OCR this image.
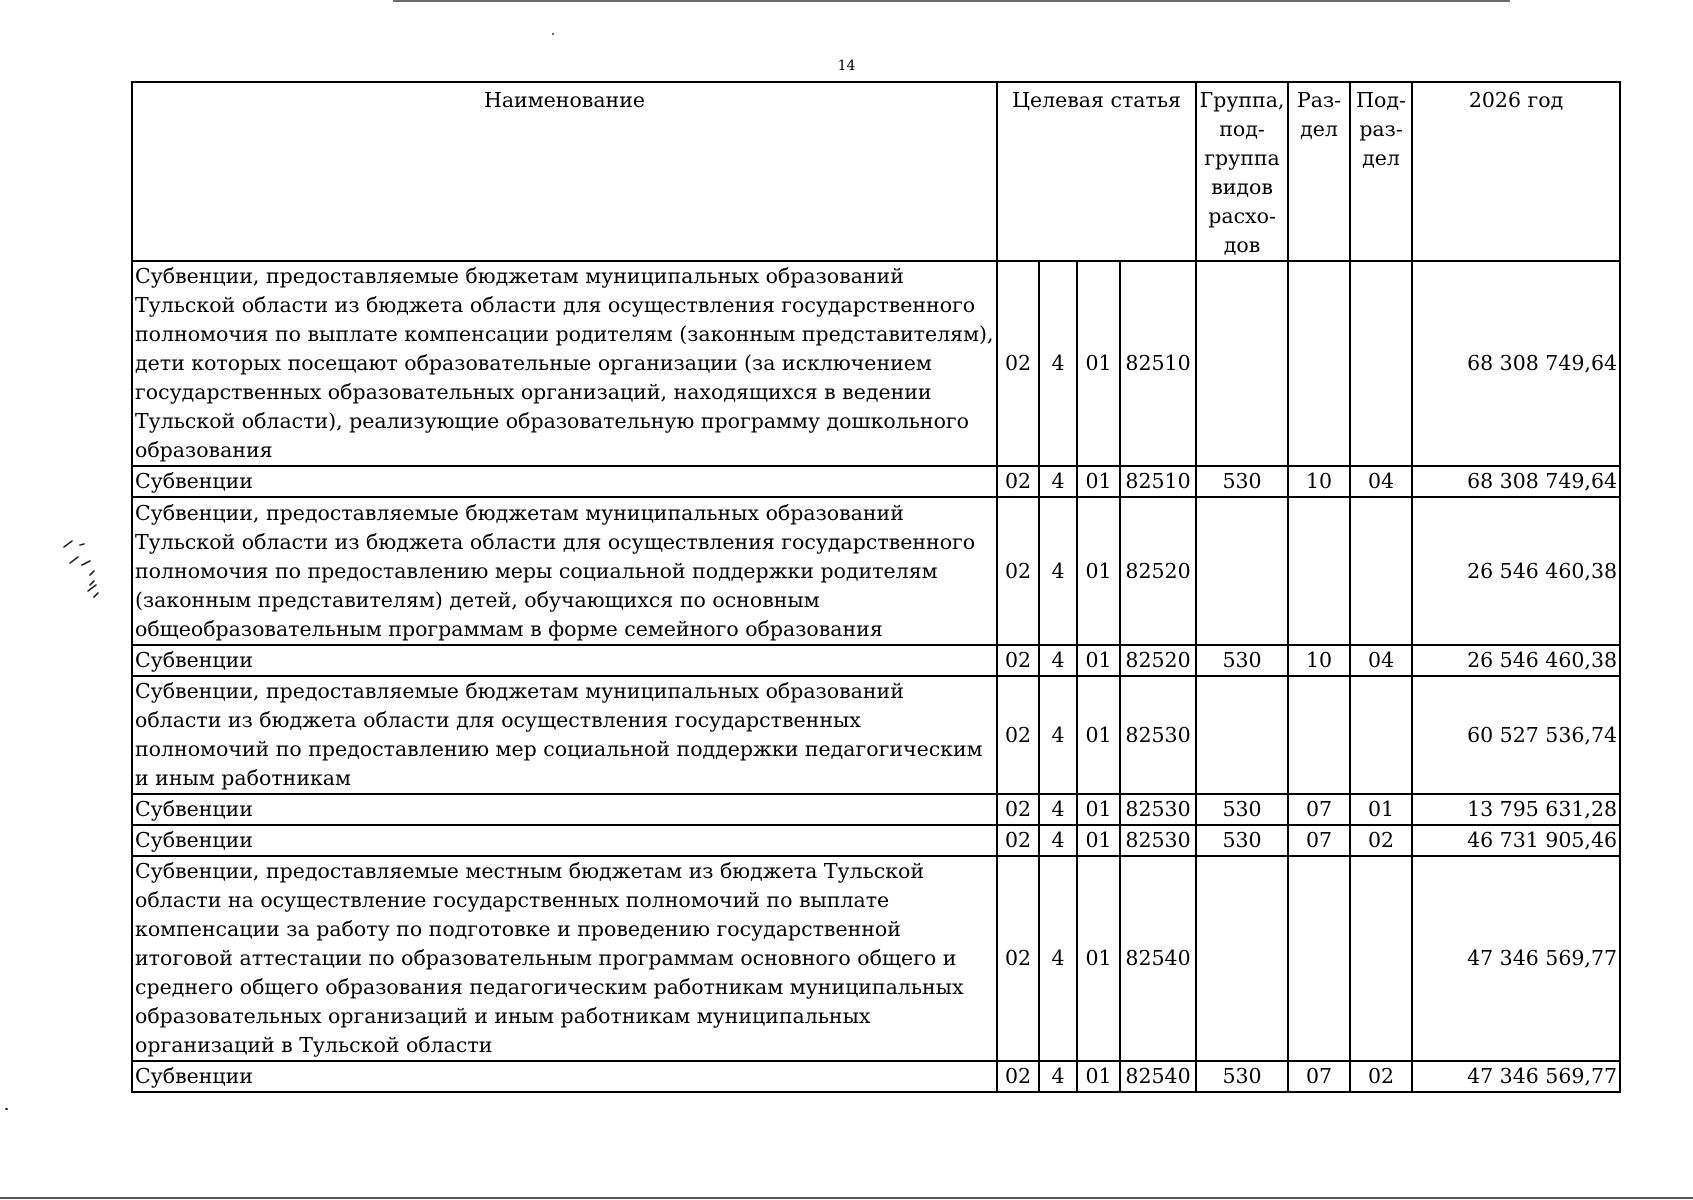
14
Наименование	Целевая статья				Группа, под-группа видов расхо-дов	Раз-дел	Под-раз-дел	2026 год
Субвенции, предоставляемые бюджетам муниципальных образований Тульской области из бюджета области для осуществления государственного полномочия по выплате компенсации родителям (законным представителям), дети которых посещают образовательные организации (за исключением государственных образовательных организаций, находящихся в ведении Тульской области), реализующие образовательную программу дошкольного образования	02	4	01	82510				68 308 749,64
Субвенции	02	4	01	82510	530	10	04	68 308 749,64
Субвенции, предоставляемые бюджетам муниципальных образований Тульской области из бюджета области для осуществления государственного полномочия по предоставлению меры социальной поддержки родителям (законным представителям) детей, обучающихся по основным общеобразовательным программам в форме семейного образования	02	4	01	82520				26 546 460,38
Субвенции	02	4	01	82520	530	10	04	26 546 460,38
Субвенции, предоставляемые бюджетам муниципальных образований области из бюджета области для осуществления государственных полномочий по предоставлению мер социальной поддержки педагогическим и иным работникам	02	4	01	82530				60 527 536,74
Субвенции	02	4	01	82530	530	07	01	13 795 631,28
Субвенции	02	4	01	82530	530	07	02	46 731 905,46
Субвенции, предоставляемые местным бюджетам из бюджета Тульской области на осуществление государственных полномочий по выплате компенсации за работу по подготовке и проведению государственной итоговой аттестации по образовательным программам основного общего и среднего общего образования педагогическим работникам муниципальных образовательных организаций и иным работникам муниципальных организаций в Тульской области	02	4	01	82540				47 346 569,77
Субвенции	02	4	01	82540	530	07	02	47 346 569,77
